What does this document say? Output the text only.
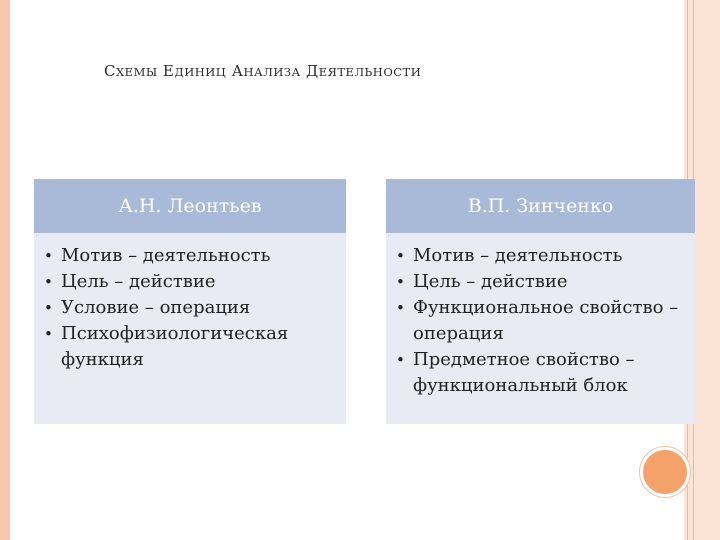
СХЕМЫ ЕДИНИЦ АНАЛИЗА ДЕЯТЕЛЬНОСТИ
А.Н. Леонтьев
• Мотив – деятельность
• Цель – действие
• Условие – операция
• Психофизиологическая функция
В.П. Зинченко
• Мотив – деятельность
• Цель – действие
• Функциональное свойство – операция
• Предметное свойство – функциональный блок
